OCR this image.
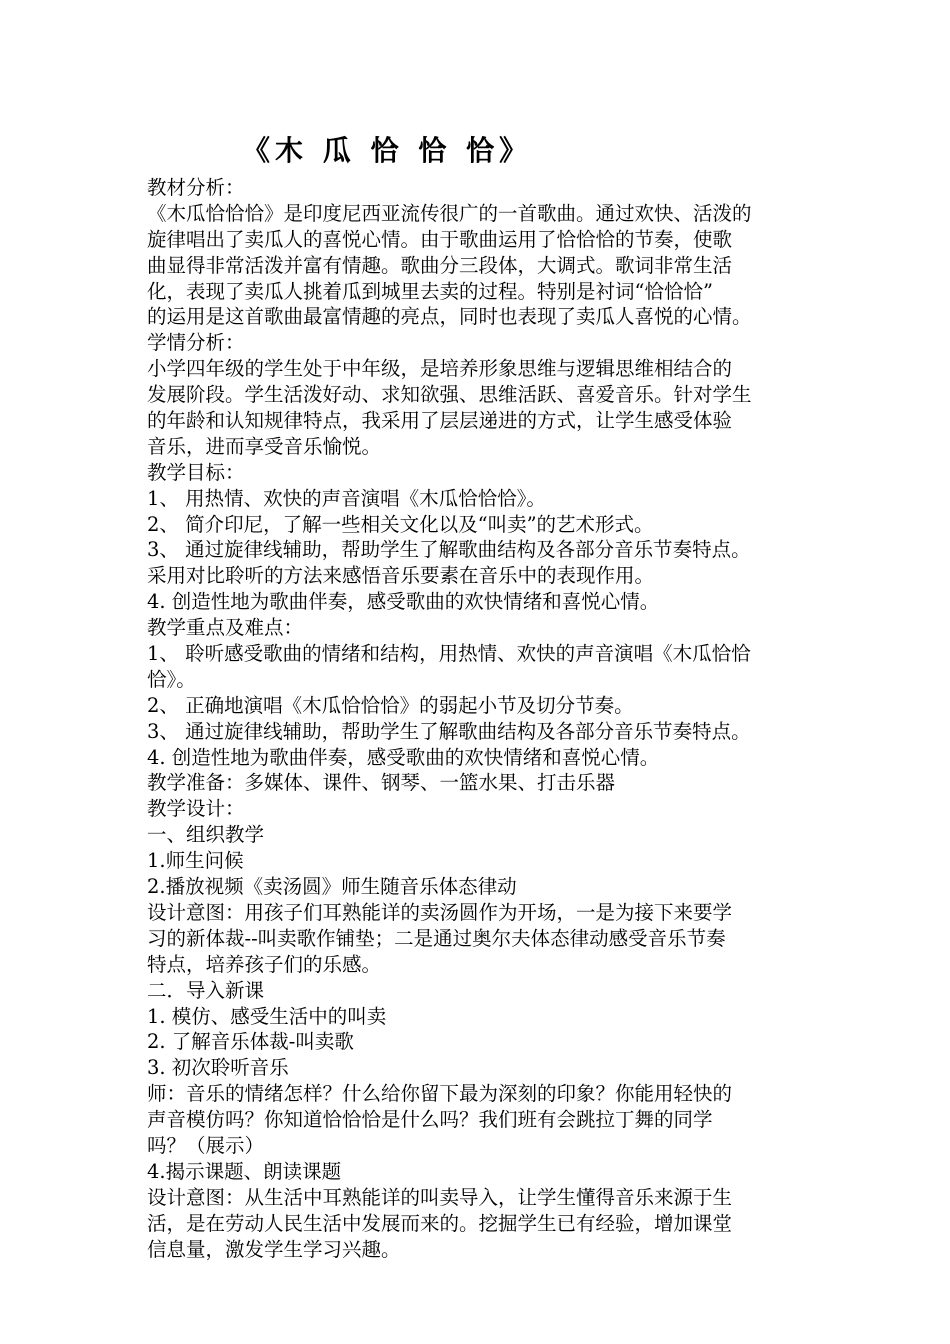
《木 瓜 恰 恰 恰》
教材分析：
《木瓜恰恰恰》是印度尼西亚流传很广的一首歌曲。通过欢快、活泼的
旋律唱出了卖瓜人的喜悦心情。由于歌曲运用了恰恰恰的节奏，使歌
曲显得非常活泼并富有情趣。歌曲分三段体，大调式。歌词非常生活
化，表现了卖瓜人挑着瓜到城里去卖的过程。特别是衬词“恰恰恰”
的运用是这首歌曲最富情趣的亮点，同时也表现了卖瓜人喜悦的心情。
学情分析：
小学四年级的学生处于中年级，是培养形象思维与逻辑思维相结合的
发展阶段。学生活泼好动、求知欲强、思维活跃、喜爱音乐。针对学生
的年龄和认知规律特点，我采用了层层递进的方式，让学生感受体验
音乐，进而享受音乐愉悦。
教学目标：
1、 用热情、欢快的声音演唱《木瓜恰恰恰》。
2、 简介印尼，了解一些相关文化以及“叫卖”的艺术形式。
3、 通过旋律线辅助，帮助学生了解歌曲结构及各部分音乐节奏特点。
采用对比聆听的方法来感悟音乐要素在音乐中的表现作用。
4. 创造性地为歌曲伴奏，感受歌曲的欢快情绪和喜悦心情。
教学重点及难点：
1、 聆听感受歌曲的情绪和结构，用热情、欢快的声音演唱《木瓜恰恰
恰》。
2、 正确地演唱《木瓜恰恰恰》的弱起小节及切分节奏。
3、 通过旋律线辅助，帮助学生了解歌曲结构及各部分音乐节奏特点。
4. 创造性地为歌曲伴奏，感受歌曲的欢快情绪和喜悦心情。
教学准备：多媒体、课件、钢琴、一篮水果、打击乐器
教学设计：
一、组织教学
1.师生问候
2.播放视频《卖汤圆》师生随音乐体态律动
设计意图：用孩子们耳熟能详的卖汤圆作为开场，一是为接下来要学
习的新体裁--叫卖歌作铺垫；二是通过奥尔夫体态律动感受音乐节奏
特点，培养孩子们的乐感。
二．导入新课
1. 模仿、感受生活中的叫卖
2. 了解音乐体裁-叫卖歌
3. 初次聆听音乐
师：音乐的情绪怎样？什么给你留下最为深刻的印象？你能用轻快的
声音模仿吗？你知道恰恰恰是什么吗？我们班有会跳拉丁舞的同学
吗？（展示）
4.揭示课题、朗读课题
设计意图：从生活中耳熟能详的叫卖导入，让学生懂得音乐来源于生
活，是在劳动人民生活中发展而来的。挖掘学生已有经验，增加课堂
信息量，激发学生学习兴趣。
